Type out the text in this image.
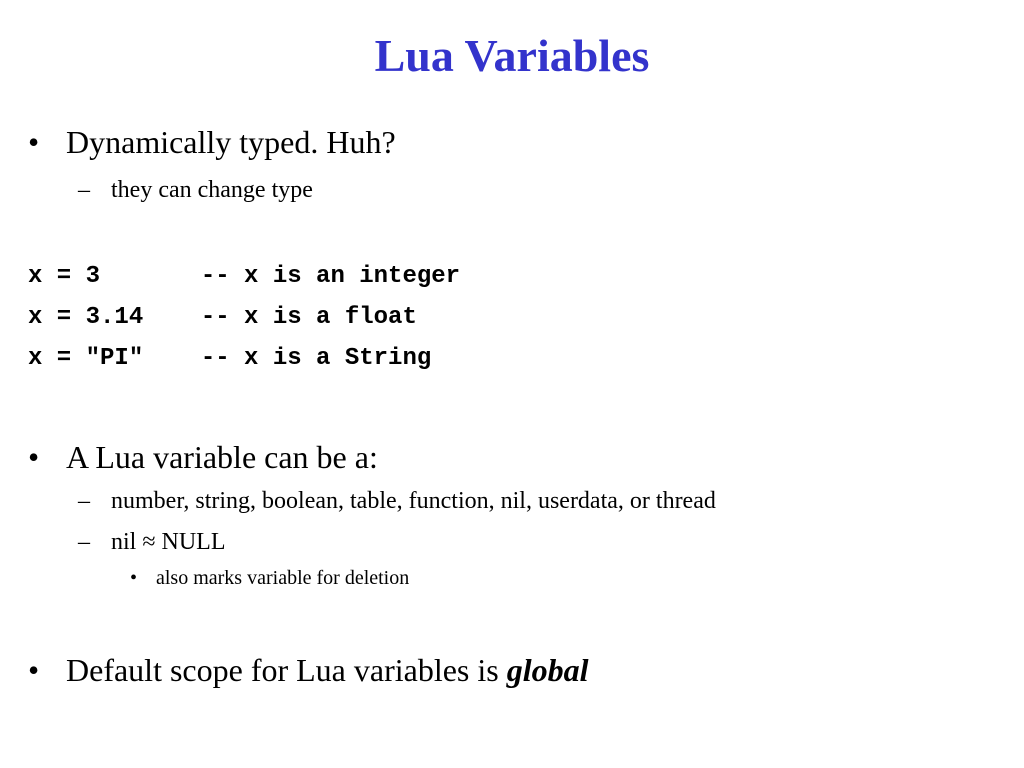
Lua Variables
• Dynamically typed. Huh?
– they can change type
x = 3       -- x is an integer
x = 3.14    -- x is a float
x = "PI"    -- x is a String
• A Lua variable can be a:
– number, string, boolean, table, function, nil, userdata, or thread
– nil ≈ NULL
• also marks variable for deletion
• Default scope for Lua variables is global
